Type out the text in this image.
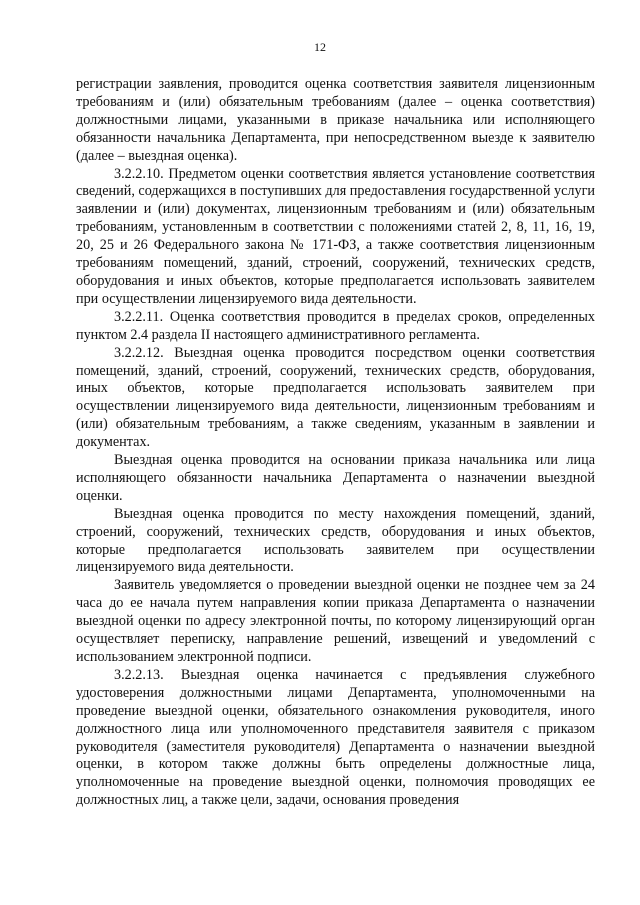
12

регистрации заявления, проводится оценка соответствия заявителя лицензионным требованиям и (или) обязательным требованиям (далее – оценка соответствия) должностными лицами, указанными в приказе начальника или исполняющего обязанности начальника Департамента, при непосредственном выезде к заявителю (далее – выездная оценка).

3.2.2.10. Предметом оценки соответствия является установление соответствия сведений, содержащихся в поступивших для предоставления государственной услуги заявлении и (или) документах, лицензионным требованиям и (или) обязательным требованиям, установленным в соответствии с положениями статей 2, 8, 11, 16, 19, 20, 25 и 26 Федерального закона № 171-ФЗ, а также соответствия лицензионным требованиям помещений, зданий, строений, сооружений, технических средств, оборудования и иных объектов, которые предполагается использовать заявителем при осуществлении лицензируемого вида деятельности.

3.2.2.11. Оценка соответствия проводится в пределах сроков, определенных пунктом 2.4 раздела II настоящего административного регламента.

3.2.2.12. Выездная оценка проводится посредством оценки соответствия помещений, зданий, строений, сооружений, технических средств, оборудования, иных объектов, которые предполагается использовать заявителем при осуществлении лицензируемого вида деятельности, лицензионным требованиям и (или) обязательным требованиям, а также сведениям, указанным в заявлении и документах.

Выездная оценка проводится на основании приказа начальника или лица исполняющего обязанности начальника Департамента о назначении выездной оценки.

Выездная оценка проводится по месту нахождения помещений, зданий, строений, сооружений, технических средств, оборудования и иных объектов, которые предполагается использовать заявителем при осуществлении лицензируемого вида деятельности.

Заявитель уведомляется о проведении выездной оценки не позднее чем за 24 часа до ее начала путем направления копии приказа Департамента о назначении выездной оценки по адресу электронной почты, по которому лицензирующий орган осуществляет переписку, направление решений, извещений и уведомлений с использованием электронной подписи.

3.2.2.13. Выездная оценка начинается с предъявления служебного удостоверения должностными лицами Департамента, уполномоченными на проведение выездной оценки, обязательного ознакомления руководителя, иного должностного лица или уполномоченного представителя заявителя с приказом руководителя (заместителя руководителя) Департамента о назначении выездной оценки, в котором также должны быть определены должностные лица, уполномоченные на проведение выездной оценки, полномочия проводящих ее должностных лиц, а также цели, задачи, основания проведения
